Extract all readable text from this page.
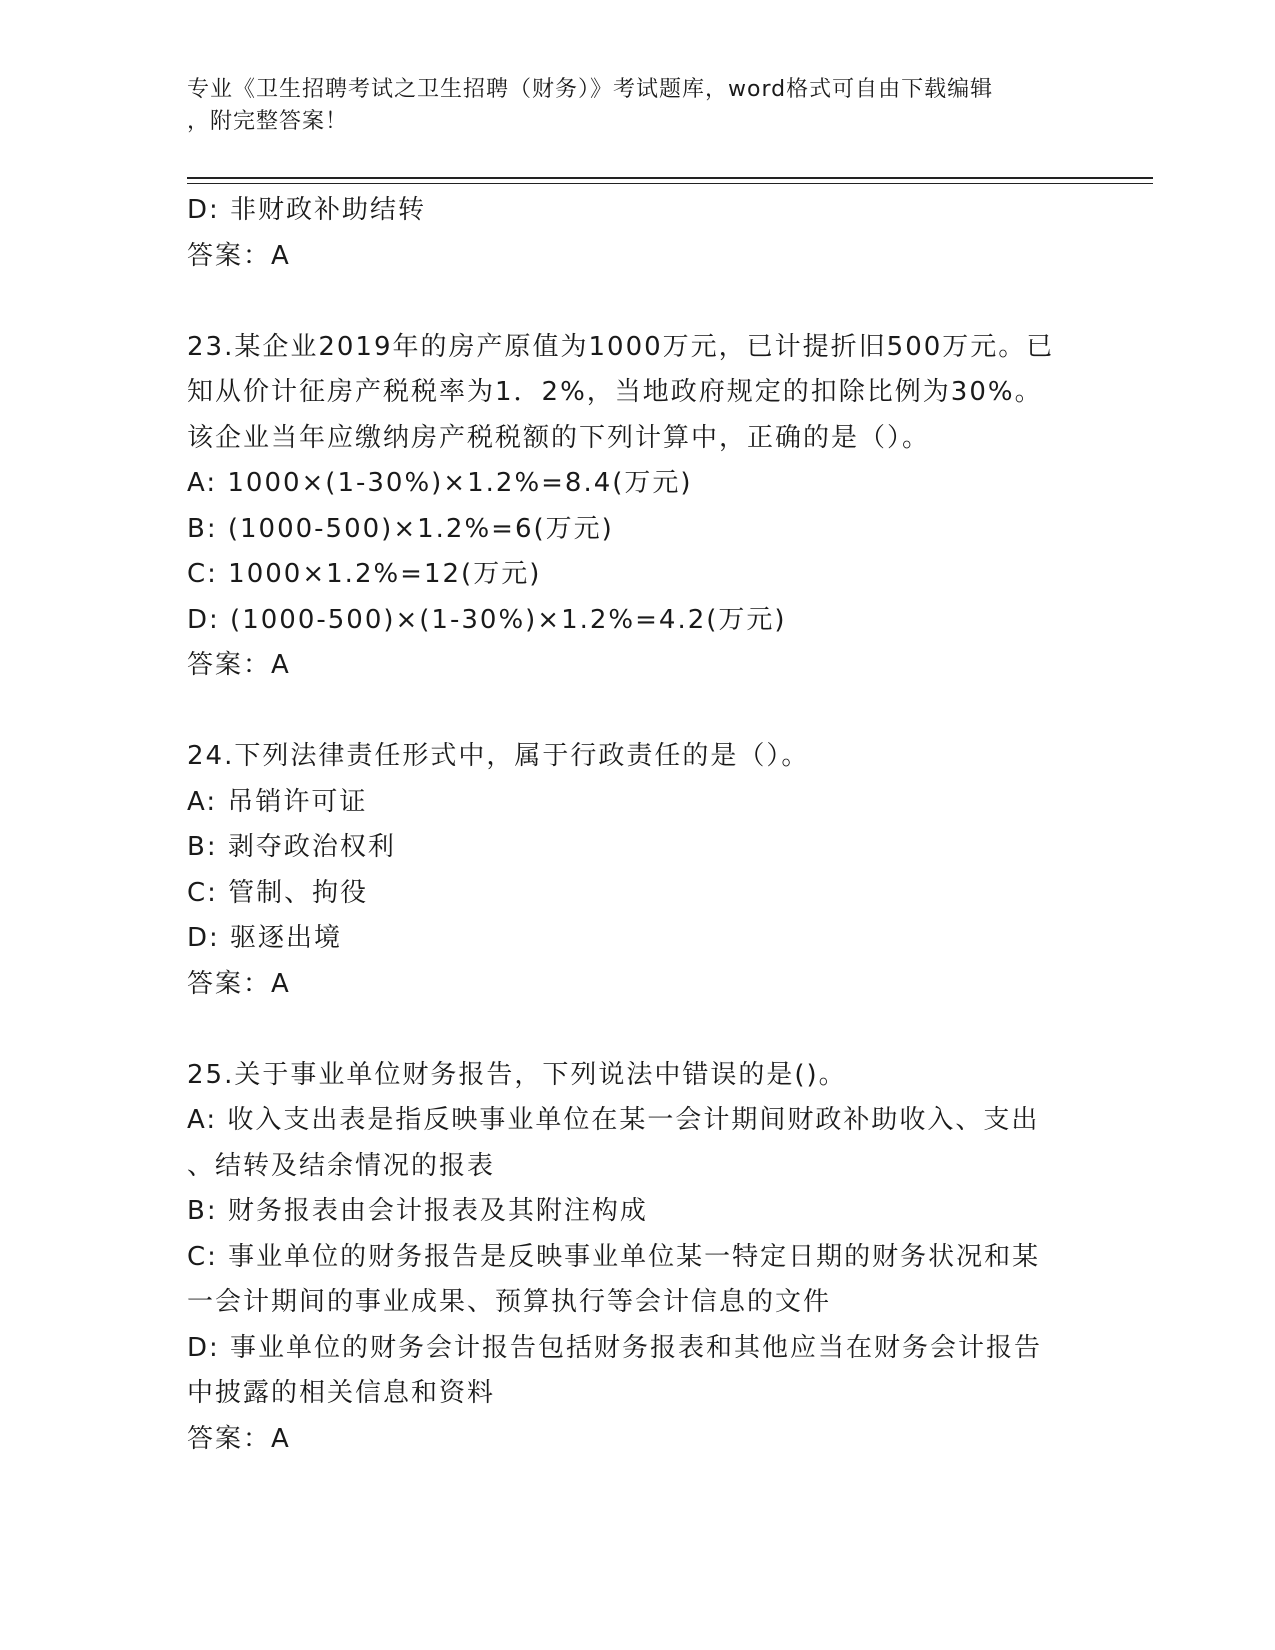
专业《卫生招聘考试之卫生招聘（财务）》考试题库，word格式可自由下载编辑
，附完整答案！
D: 非财政补助结转
答案：A
23.某企业2019年的房产原值为1000万元，已计提折旧500万元。已
知从价计征房产税税率为1．2%，当地政府规定的扣除比例为30%。
该企业当年应缴纳房产税税额的下列计算中，正确的是（）。
A: 1000×(1-30%)×1.2%=8.4(万元)
B: (1000-500)×1.2%=6(万元)
C: 1000×1.2%=12(万元)
D: (1000-500)×(1-30%)×1.2%=4.2(万元)
答案：A
24.下列法律责任形式中，属于行政责任的是（）。
A: 吊销许可证
B: 剥夺政治权利
C: 管制、拘役
D: 驱逐出境
答案：A
25.关于事业单位财务报告，下列说法中错误的是()。
A: 收入支出表是指反映事业单位在某一会计期间财政补助收入、支出
、结转及结余情况的报表
B: 财务报表由会计报表及其附注构成
C: 事业单位的财务报告是反映事业单位某一特定日期的财务状况和某
一会计期间的事业成果、预算执行等会计信息的文件
D: 事业单位的财务会计报告包括财务报表和其他应当在财务会计报告
中披露的相关信息和资料
答案：A
